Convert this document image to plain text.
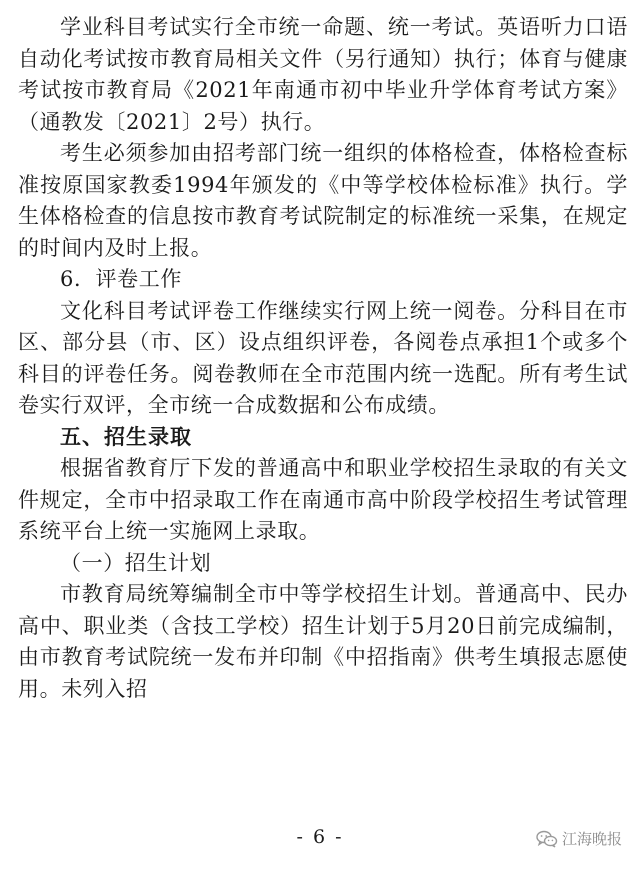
学业科目考试实行全市统一命题、统一考试。英语听力口语自动化考试按市教育局相关文件（另行通知）执行；体育与健康考试按市教育局《2021年南通市初中毕业升学体育考试方案》（通教发〔2021〕2号）执行。

考生必须参加由招考部门统一组织的体格检查，体格检查标准按原国家教委1994年颁发的《中等学校体检标准》执行。学生体格检查的信息按市教育考试院制定的标准统一采集，在规定的时间内及时上报。

6．评卷工作

文化科目考试评卷工作继续实行网上统一阅卷。分科目在市区、部分县（市、区）设点组织评卷，各阅卷点承担1个或多个科目的评卷任务。阅卷教师在全市范围内统一选配。所有考生试卷实行双评，全市统一合成数据和公布成绩。

五、招生录取

根据省教育厅下发的普通高中和职业学校招生录取的有关文件规定，全市中招录取工作在南通市高中阶段学校招生考试管理系统平台上统一实施网上录取。

（一）招生计划

市教育局统筹编制全市中等学校招生计划。普通高中、民办高中、职业类（含技工学校）招生计划于5月20日前完成编制，由市教育考试院统一发布并印制《中招指南》供考生填报志愿使用。未列入招

- 6 -	江海晚报
